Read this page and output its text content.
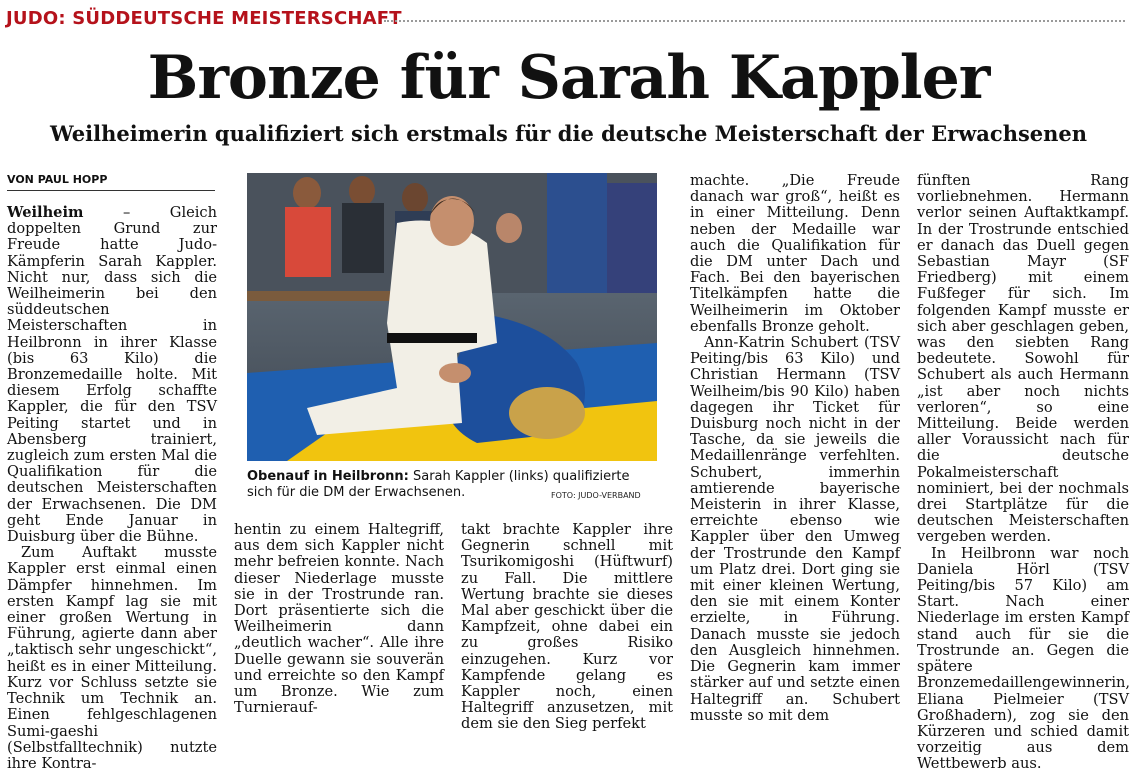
JUDO: SÜDDEUTSCHE MEISTERSCHAFT
Bronze für Sarah Kappler
Weilheimerin qualifiziert sich erstmals für die deutsche Meisterschaft der Erwachsenen
VON PAUL HOPP

Weilheim – Gleich doppelten Grund zur Freude hatte Judo-Kämpferin Sarah Kappler. Nicht nur, dass sich die Weilheimerin bei den süddeutschen Meisterschaften in Heilbronn in ihrer Klasse (bis 63 Kilo) die Bronzemedaille holte. Mit diesem Erfolg schaffte Kappler, die für den TSV Peiting startet und in Abensberg trainiert, zugleich zum ersten Mal die Qualifikation für die deutschen Meisterschaften der Erwachsenen. Die DM geht Ende Januar in Duisburg über die Bühne.

Zum Auftakt musste Kappler erst einmal einen Dämpfer hinnehmen. Im ersten Kampf lag sie mit einer großen Wertung in Führung, agierte dann aber „taktisch sehr ungeschickt“, heißt es in einer Mitteilung. Kurz vor Schluss setzte sie Technik um Technik an. Einen fehlgeschlagenen Sumi-gaeshi (Selbstfalltechnik) nutzte ihre Kontra-

Obenauf in Heilbronn: Sarah Kappler (links) qualifizierte sich für die DM der Erwachsenen.	FOTO: JUDO-VERBAND

hentin zu einem Haltegriff, aus dem sich Kappler nicht mehr befreien konnte. Nach dieser Niederlage musste sie in der Trostrunde ran. Dort präsentierte sich die Weilheimerin dann „deutlich wacher“. Alle ihre Duelle gewann sie souverän und erreichte so den Kampf um Bronze. Wie zum Turnierauf-

takt brachte Kappler ihre Gegnerin schnell mit Tsurikomigoshi (Hüftwurf) zu Fall. Die mittlere Wertung brachte sie dieses Mal aber geschickt über die Kampfzeit, ohne dabei ein zu großes Risiko einzugehen. Kurz vor Kampfende gelang es Kappler noch, einen Haltegriff anzusetzen, mit dem sie den Sieg perfekt

machte. „Die Freude danach war groß“, heißt es in einer Mitteilung. Denn neben der Medaille war auch die Qualifikation für die DM unter Dach und Fach. Bei den bayerischen Titelkämpfen hatte die Weilheimerin im Oktober ebenfalls Bronze geholt.

Ann-Katrin Schubert (TSV Peiting/bis 63 Kilo) und Christian Hermann (TSV Weilheim/bis 90 Kilo) haben dagegen ihr Ticket für Duisburg noch nicht in der Tasche, da sie jeweils die Medaillenränge verfehlten. Schubert, immerhin amtierende bayerische Meisterin in ihrer Klasse, erreichte ebenso wie Kappler über den Umweg der Trostrunde den Kampf um Platz drei. Dort ging sie mit einer kleinen Wertung, den sie mit einem Konter erzielte, in Führung. Danach musste sie jedoch den Ausgleich hinnehmen. Die Gegnerin kam immer stärker auf und setzte einen Haltegriff an. Schubert musste so mit dem

fünften Rang vorliebnehmen. Hermann verlor seinen Auftaktkampf. In der Trostrunde entschied er danach das Duell gegen Sebastian Mayr (SF Friedberg) mit einem Fußfeger für sich. Im folgenden Kampf musste er sich aber geschlagen geben, was den siebten Rang bedeutete. Sowohl für Schubert als auch Hermann „ist aber noch nichts verloren“, so eine Mitteilung. Beide werden aller Voraussicht nach für die deutsche Pokalmeisterschaft nominiert, bei der nochmals drei Startplätze für die deutschen Meisterschaften vergeben werden.

In Heilbronn war noch Daniela Hörl (TSV Peiting/bis 57 Kilo) am Start. Nach einer Niederlage im ersten Kampf stand auch für sie die Trostrunde an. Gegen die spätere Bronzemedaillengewinnerin, Eliana Pielmeier (TSV Großhadern), zog sie den Kürzeren und schied damit vorzeitig aus dem Wettbewerb aus.
